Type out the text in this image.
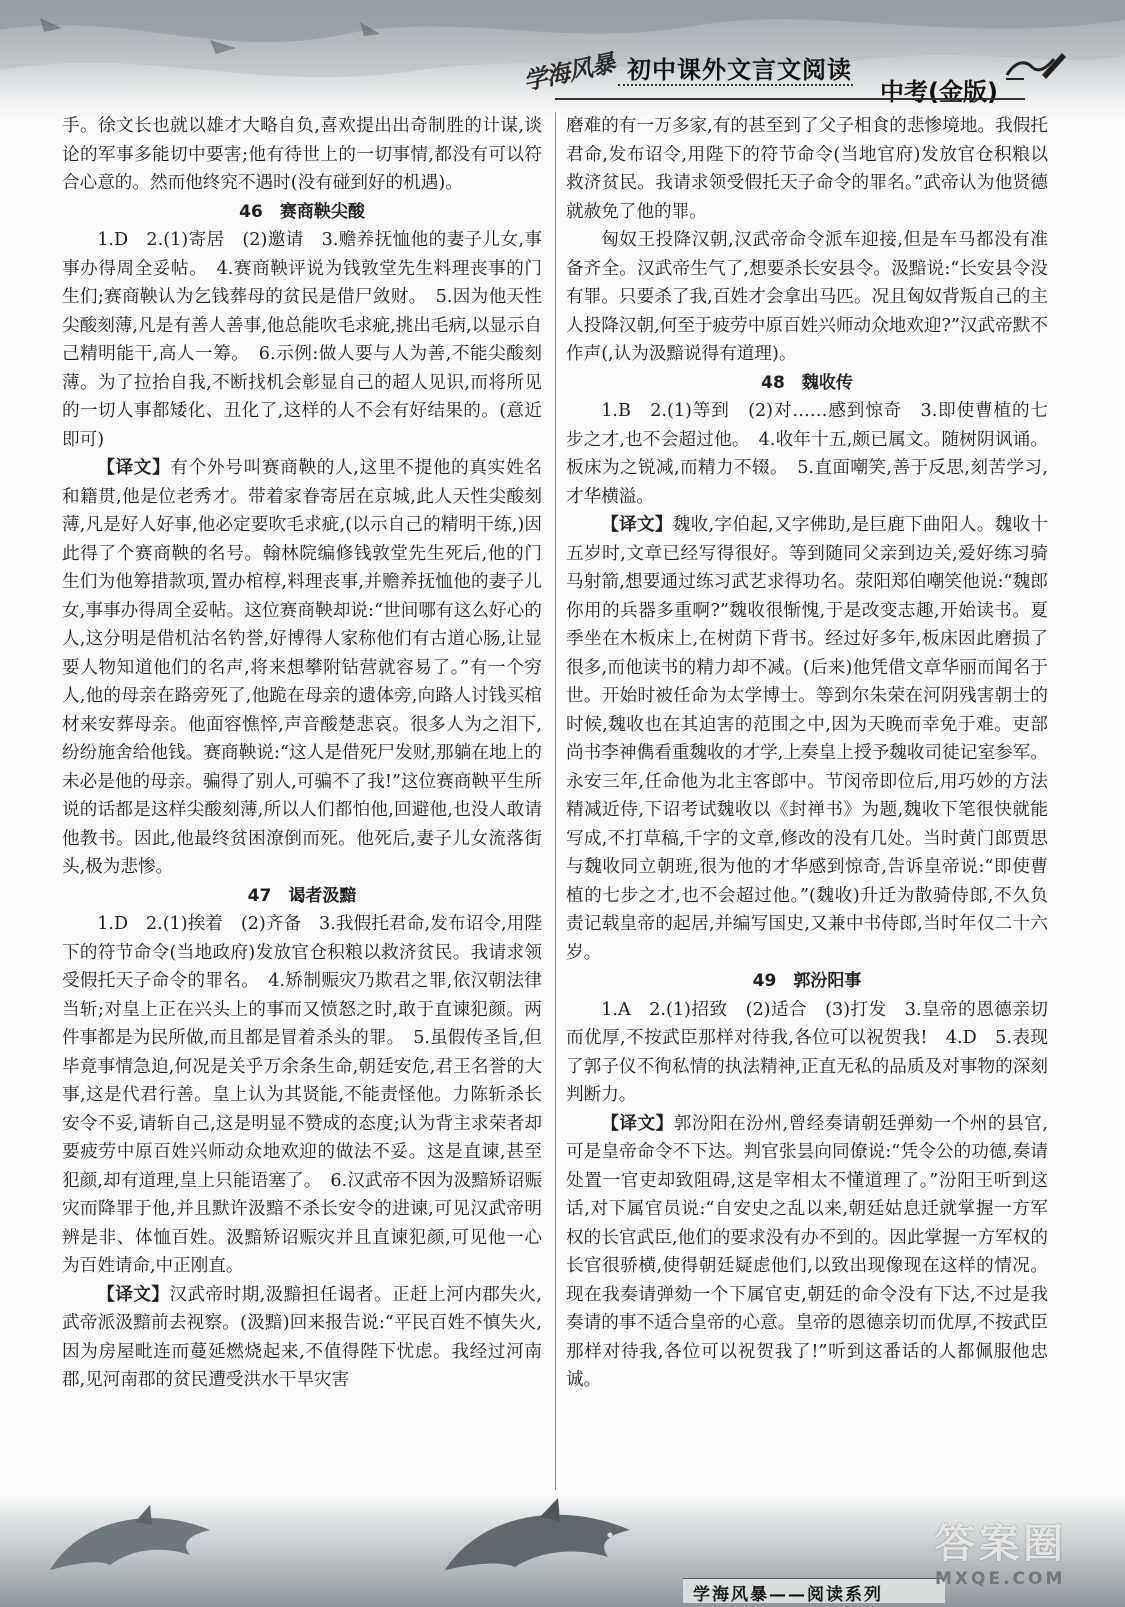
学海风暴 初中课外文言文阅读
中考(金版)

手。徐文长也就以雄才大略自负,喜欢提出出奇制胜的计谋,谈论的军事多能切中要害;他有待世上的一切事情,都没有可以符合心意的。然而他终究不遇时(没有碰到好的机遇)。

46　赛商鞅尖酸

1.D　2.(1)寄居　(2)邀请　3.赡养抚恤他的妻子儿女,事事办得周全妥帖。　4.赛商鞅评说为钱敦堂先生料理丧事的门生们;赛商鞅认为乞钱葬母的贫民是借尸敛财。　5.因为他天性尖酸刻薄,凡是有善人善事,他总能吹毛求疵,挑出毛病,以显示自己精明能干,高人一筹。　6.示例:做人要与人为善,不能尖酸刻薄。为了拉抬自我,不断找机会彰显自己的超人见识,而将所见的一切人事都矮化、丑化了,这样的人不会有好结果的。(意近即可)

【译文】有个外号叫赛商鞅的人,这里不提他的真实姓名和籍贯,他是位老秀才。带着家眷寄居在京城,此人天性尖酸刻薄,凡是好人好事,他必定要吹毛求疵,(以示自己的精明干练,)因此得了个赛商鞅的名号。翰林院编修钱敦堂先生死后,他的门生们为他筹措款项,置办棺椁,料理丧事,并赡养抚恤他的妻子儿女,事事办得周全妥帖。这位赛商鞅却说:“世间哪有这么好心的人,这分明是借机沽名钓誉,好博得人家称他们有古道心肠,让显要人物知道他们的名声,将来想攀附钻营就容易了。”有一个穷人,他的母亲在路旁死了,他跪在母亲的遗体旁,向路人讨钱买棺材来安葬母亲。他面容憔悴,声音酸楚悲哀。很多人为之泪下,纷纷施舍给他钱。赛商鞅说:“这人是借死尸发财,那躺在地上的未必是他的母亲。骗得了别人,可骗不了我!”这位赛商鞅平生所说的话都是这样尖酸刻薄,所以人们都怕他,回避他,也没人敢请他教书。因此,他最终贫困潦倒而死。他死后,妻子儿女流落街头,极为悲惨。

47　谒者汲黯

1.D　2.(1)挨着　(2)齐备　3.我假托君命,发布诏令,用陛下的符节命令(当地政府)发放官仓积粮以救济贫民。我请求领受假托天子命令的罪名。　4.矫制赈灾乃欺君之罪,依汉朝法律当斩;对皇上正在兴头上的事而又愤怒之时,敢于直谏犯颜。两件事都是为民所做,而且都是冒着杀头的罪。　5.虽假传圣旨,但毕竟事情急迫,何况是关乎万余条生命,朝廷安危,君王名誉的大事,这是代君行善。皇上认为其贤能,不能责怪他。力陈斩杀长安令不妥,请斩自己,这是明显不赞成的态度;认为背主求荣者却要疲劳中原百姓兴师动众地欢迎的做法不妥。这是直谏,甚至犯颜,却有道理,皇上只能语塞了。　6.汉武帝不因为汲黯矫诏赈灾而降罪于他,并且默许汲黯不杀长安令的进谏,可见汉武帝明辨是非、体恤百姓。汲黯矫诏赈灾并且直谏犯颜,可见他一心为百姓请命,中正刚直。

【译文】汉武帝时期,汲黯担任谒者。正赶上河内郡失火,武帝派汲黯前去视察。(汲黯)回来报告说:“平民百姓不慎失火,因为房屋毗连而蔓延燃烧起来,不值得陛下忧虑。我经过河南郡,见河南郡的贫民遭受洪水干旱灾害

磨难的有一万多家,有的甚至到了父子相食的悲惨境地。我假托君命,发布诏令,用陛下的符节命令(当地官府)发放官仓积粮以救济贫民。我请求领受假托天子命令的罪名。”武帝认为他贤德就赦免了他的罪。

匈奴王投降汉朝,汉武帝命令派车迎接,但是车马都没有准备齐全。汉武帝生气了,想要杀长安县令。汲黯说:“长安县令没有罪。只要杀了我,百姓才会拿出马匹。况且匈奴背叛自己的主人投降汉朝,何至于疲劳中原百姓兴师动众地欢迎?”汉武帝默不作声(,认为汲黯说得有道理)。

48　魏收传

1.B　2.(1)等到　(2)对……感到惊奇　3.即使曹植的七步之才,也不会超过他。　4.收年十五,颇已属文。随树阴讽诵。板床为之锐减,而精力不辍。　5.直面嘲笑,善于反思,刻苦学习,才华横溢。

【译文】魏收,字伯起,又字佛助,是巨鹿下曲阳人。魏收十五岁时,文章已经写得很好。等到随同父亲到边关,爱好练习骑马射箭,想要通过练习武艺求得功名。荥阳郑伯嘲笑他说:“魏郎你用的兵器多重啊?”魏收很惭愧,于是改变志趣,开始读书。夏季坐在木板床上,在树荫下背书。经过好多年,板床因此磨损了很多,而他读书的精力却不减。(后来)他凭借文章华丽而闻名于世。开始时被任命为太学博士。等到尔朱荣在河阴残害朝士的时候,魏收也在其迫害的范围之中,因为天晚而幸免于难。吏部尚书李神儁看重魏收的才学,上奏皇上授予魏收司徒记室参军。永安三年,任命他为北主客郎中。节闵帝即位后,用巧妙的方法精减近侍,下诏考试魏收以《封禅书》为题,魏收下笔很快就能写成,不打草稿,千字的文章,修改的没有几处。当时黄门郎贾思与魏收同立朝班,很为他的才华感到惊奇,告诉皇帝说:“即使曹植的七步之才,也不会超过他。”(魏收)升迁为散骑侍郎,不久负责记载皇帝的起居,并编写国史,又兼中书侍郎,当时年仅二十六岁。

49　郭汾阳事

1.A　2.(1)招致　(2)适合　(3)打发　3.皇帝的恩德亲切而优厚,不按武臣那样对待我,各位可以祝贺我!　4.D　5.表现了郭子仪不徇私情的执法精神,正直无私的品质及对事物的深刻判断力。

【译文】郭汾阳在汾州,曾经奏请朝廷弹劾一个州的县官,可是皇帝命令不下达。判官张昙向同僚说:“凭令公的功德,奏请处置一官吏却致阻碍,这是宰相太不懂道理了。”汾阳王听到这话,对下属官员说:“自安史之乱以来,朝廷姑息迁就掌握一方军权的长官武臣,他们的要求没有办不到的。因此掌握一方军权的长官很骄横,使得朝廷疑虑他们,以致出现像现在这样的情况。现在我奏请弹劾一个下属官吏,朝廷的命令没有下达,不过是我奏请的事不适合皇帝的心意。皇帝的恩德亲切而优厚,不按武臣那样对待我,各位可以祝贺我了!”听到这番话的人都佩服他忠诚。

学海风暴——阅读系列
答案圈
MXQE.COM
